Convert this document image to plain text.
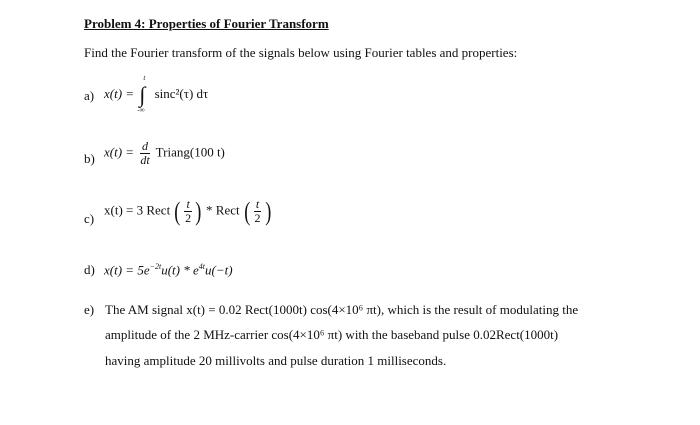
Problem 4: Properties of Fourier Transform
Find the Fourier transform of the signals below using Fourier tables and properties:
a) x(t) = ∫
t
-∞
sinc²(τ) dτ
b) $x(t) = \frac{d}{dt}$ Triang(100 t)
c)
x(t) = 3 Rect ( $\frac{t}{2}$ ) * Rect ( $\frac{t}{2}$ )
d) $x(t) = 5e^{-2t}u(t) * e^{4t}u(-t)$
e) The AM signal x(t) = 0.02 Rect(1000t) cos(4×10⁶ πt), which is the result of modulating the
amplitude of the 2 MHz-carrier cos(4×10⁶ πt) with the baseband pulse 0.02Rect(1000t)
having amplitude 20 millivolts and pulse duration 1 milliseconds.
